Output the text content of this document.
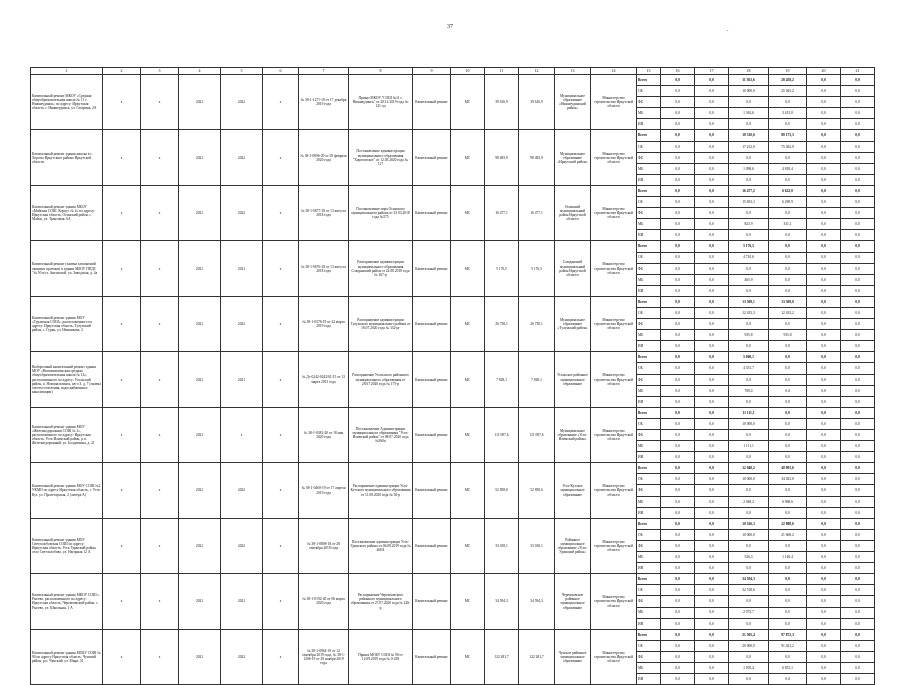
37	.
1	2	3	4	5	6	7	8	9	10	11	12	13	14	15	16	17	18	19	20	21
Капитальный ремонт МКОУ «Средняя общеобразовательная школа № 11 г. Нижнеудинск» по адресу: Иркутская область, г. Нижнеудинск, ул. Гагарина, 2А	х	х	2021	2022	х	№ 38-1-1271-19 от 17 декабря 2019 года	Приказ МКОУ "СОШ №11 г. Нижнеудинск" от 20.12.2019 года № 121-од	Капитальный ремонт	МС	39 616,9	39 616,9	Муниципальное образование «Нижнеудинский район»	Министерство строительства Иркутской области	Всего	0,0	0,0	11 363,6	28 458,2	0,0	0,0
														ОБ	0,0	0,0	10 000,0	25 043,2	0,0	0,0
														ФБ	0,0	0,0	0,0	0,0	0,0	0,0
														МБ	0,0	0,0	1 363,6	3 415,0	0,0	0,0
														ИИ	0,0	0,0	0,0	0,0	0,0	0,0
Капитальный ремонт здания школы в с. Хороты Иркутского района Иркутской области	х	х	2021	2022	х	№ 38-1-0096-20 от 05 февраля 2020 года	Постановление администрации муниципального образования "Хоротовское" от 12.05.2020 года № 117	Капитальный ремонт	МС	98 483,9	98 483,9	Муниципальное образование «Иркутский район»	Министерство строительства Иркутской области	Всего	0,0	0,0	18 310,6	80 173,3	0,0	0,0
														ОБ	0,0	0,0	17 212,0	75 362,9	0,0	0,0
														ФБ	0,0	0,0	0,0	0,0	0,0	0,0
														МБ	0,0	0,0	1 098,6	4 810,4	0,0	0,0
														ИИ	0,0	0,0	0,0	0,0	0,0	0,0
Капитальный ремонт здания МБОУ «Майская СОШ. Корпус № 2» по адресу: Иркутская область, Осинский район, с. Майск, ул. Трактовая, 6А	х	х	2021	2022	х	№ 38-1-0677-18 от 13 августа 2018 года	Постановление мэра Осинского муниципального района от 23.03.2018 года №575	Капитальный ремонт	МС	16 477,1	16 477,1	Осинский муниципальный район Иркутской области	Министерство строительства Иркутской области	Всего	0,0	0,0	16 477,2	6 622,0	0,0	0,0
														ОБ	0,0	0,0	15 653,3	6 290,9	0,0	0,0
														ФБ	0,0	0,0	0,0	0,0	0,0	0,0
														МБ	0,0	0,0	823,9	331,1	0,0	0,0
														ИИ	0,0	0,0	0,0	0,0	0,0	0,0
Капитальный ремонт (замена заполнений оконных проемов) в здании МБОУ ППДС "№ 50 в/ст. Ангоколой, ул. Заводская, д. 4а	х	х	2021	2021	х	№ 38-1-0676-18 от 13 августа 2018 года	Распоряжение администрации муниципального образования Слюдянский район от 22.08.2018 года № 167-р	Капитальный ремонт	МС	5 176,5	5 176,5	Слюдянский муниципальный район Иркутской области	Министерство строительства Иркутской области	Всего	0,0	0,0	5 176,5	0,0	0,0	0,0
														ОБ	0,0	0,0	4 710,6	0,0	0,0	0,0
														ФБ	0,0	0,0	0,0	0,0	0,0	0,0
														МБ	0,0	0,0	465,9	0,0	0,0	0,0
														ИИ	0,0	0,0	0,0	0,0	0,0	0,0
Капитальный ремонт здания МОУ «Гуранская СОШ», расположенного по адресу: Иркутская область, Тулунский район, с. Гуран, ул. Ившаньева, 2	х	х	2021	2022	х	№ 38-1-0376-19 от 22 марта 2019 года	Распоряжение администрации Тулунского муниципального района от 16.07.2020 года № 332-рг	Капитальный ремонт	МС	26 738,1	26 738,1	Муниципальное образование «Тулунский район»	Министерство строительства Иркутской области	Всего	0,0	0,0	13 369,1	13 369,0	0,0	0,0
														ОБ	0,0	0,0	12 433,3	12 433,2	0,0	0,0
														ФБ	0,0	0,0	0,0	0,0	0,0	0,0
														МБ	0,0	0,0	935,8	935,8	0,0	0,0
														ИИ	0,0	0,0	0,0	0,0	0,0	0,0
Выборочный капитальный ремонт здания МОУ «Новомальтинская средняя общеобразовательная школа № 13», расположенного по адресу: Усольский район, п. Новомальтинск, кв-л 3, д. 7 (замена систем отопления, водоснабжения и канализации)	х	х	2021	2021	х	№ Дс-0242-0242/01/15 от 12 марта 2013 года	Распоряжение Усольского районного муниципального образования от 28.07.2020 года № 175-р	Капитальный ремонт	МС	7 828,1	7 828,1	Усольское районное муниципальное образование	Министерство строительства Иркутской области	Всего	0,0	0,0	5 060,1	0,0	0,0	0,0
														ОБ	0,0	0,0	4 351,7	0,0	0,0	0,0
														ФБ	0,0	0,0	0,0	0,0	0,0	0,0
														МБ	0,0	0,0	708,4	0,0	0,0	0,0
														ИИ	0,0	0,0	0,0	0,0	0,0	0,0
Капитальный ремонт здания МОУ «Железнодорожная СОШ № 1», расположенного по адресу: Иркутская область, Усть-Илимский район, р.п. Железнодорожный, ул. Болдаткина, д. 21	х	х	2021	х	х	№ 38-1-0381-20 от 18 мая 2020 года	Постановление Администрации муниципального образования "Усть-Илимский район" от 08.07.2020 года №360п	Капитальный ремонт	МС	111 087,6	111 087,6	Муниципальное образование «Усть-Илимский район»	Министерство строительства Иркутской области	Всего	0,0	0,0	11 111,1	0,0	0,0	0,0
														ОБ	0,0	0,0	10 000,0	0,0	0,0	0,0
														ФБ	0,0	0,0	0,0	0,0	0,0	0,0
														МБ	0,0	0,0	1 111,1	0,0	0,0	0,0
														ИИ	0,0	0,0	0,0	0,0	0,0	0,0
Капитальный ремонт здания МОУ СОШ №2 УКМО по адресу Иркутская область, г. Усть-Кут, ул. Пролетарская, 2 (литера А)	х	х	2021	2022	х	№ 38-1-0460-19 от 17 апреля 2019 года	Распоряжение администрации Усть-Кутского муниципального образования от 11.08.2020 года № 92-р	Капитальный ремонт	МС	52 858,6	52 858,6	Усть-Кутское муниципальное образование	Министерство строительства Иркутской области	Всего	0,0	0,0	12 048,2	40 991,6	0,0	0,0
														ОБ	0,0	0,0	10 000,0	34 023,0	0,0	0,0
														ФБ	0,0	0,0	0,0	0,0	0,0	0,0
														МБ	0,0	0,0	2 048,2	6 968,6	0,0	0,0
														ИИ	0,0	0,0	0,0	0,0	0,0	0,0
Капитальный ремонт здания МОУ Светлолобовская СОШ по адресу: Иркутская область, Усть-Удинский район, село Светлолобово, ул. Нагорная 12 А	х	х	2021	2022	х	№ 38-1-0808-18 от 28 сентября 2018 года	Постановление администрации Усть-Удинского района от 06.08.2019 года № 266А	Капитальный ремонт	МС	33 018,1	33 018,1	Районное муниципальное образование «Усть-Удинский район»	Министерство строительства Иркутской области	Всего	0,0	0,0	10 526,3	22 808,6	0,0	0,0
														ОБ	0,0	0,0	10 000,0	21 668,2	0,0	0,0
														ФБ	0,0	0,0	0,0	0,0	0,0	0,0
														МБ	0,0	0,0	526,3	1 140,4	0,0	0,0
														ИИ	0,0	0,0	0,0	0,0	0,0	0,0
Капитальный ремонт здания МКОУ СОШ с. Рысево, расположенного по адресу: Иркутская область, Черемховский район, с. Рысево, ул. Школьная, 1 А	х	х	2021	2021	х	№ 38-1-0192-20 от 06 марта 2020 года	Распоряжение Черемховского районного муниципального образования от 27.07.2020 года № 226-р	Капитальный ремонт	МС	34 594,3	34 594,3	Черемховское районное муниципальное образование	Министерство строительства Иркутской области	Всего	0,0	0,0	34 594,3	0,0	0,0	0,0
														ОБ	0,0	0,0	32 518,6	0,0	0,0	0,0
														ФБ	0,0	0,0	0,0	0,0	0,0	0,0
														МБ	0,0	0,0	2 075,7	0,0	0,0	0,0
														ИИ	0,0	0,0	0,0	0,0	0,0	0,0
Капитальный ремонт здания МОБУ СОШ № 90 по адресу Иркутская область, Чунский район, р.п. Чунский, ул. Мира, 31	х	х	2021	2022	х	№ 38-1-0964-19 от 12 сентября 2019 года, № 38-1-1206-19 от 29 ноября 2019 года	Приказ МОБУ СОШ № 90 от 12.09.2019 года № 0-238	Капитальный ремонт	МС	122 281,7	122 281,7	Чунское районное муниципальное образование	Министерство строительства Иркутской области	Всего	0,0	0,0	21 505,4	97 872,3	0,0	0,0
														ОБ	0,0	0,0	20 000,0	91 021,2	0,0	0,0
														ФБ	0,0	0,0	0,0	0,0	0,0	0,0
														МБ	0,0	0,0	1 505,4	6 851,1	0,0	0,0
														ИИ	0,0	0,0	0,0	0,0	0,0	0,0
